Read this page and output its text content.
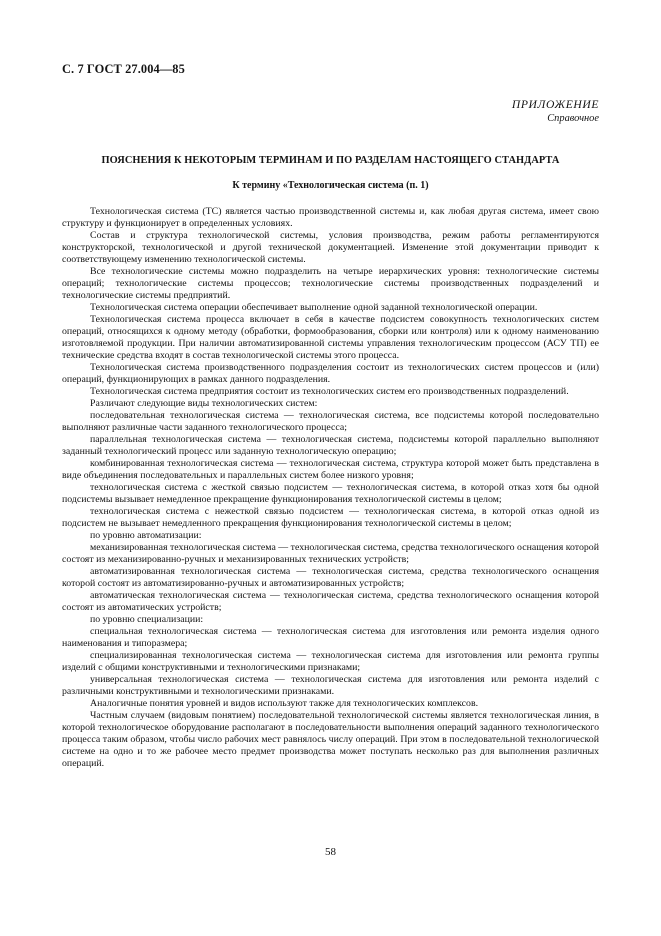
С. 7 ГОСТ 27.004—85
ПРИЛОЖЕНИЕ
Справочное
ПОЯСНЕНИЯ К НЕКОТОРЫМ ТЕРМИНАМ И ПО РАЗДЕЛАМ НАСТОЯЩЕГО СТАНДАРТА
К термину «Технологическая система (п. 1)

Технологическая система (ТС) является частью производственной системы и, как любая другая система, имеет свою структуру и функционирует в определенных условиях.

Состав и структура технологической системы, условия производства, режим работы регламентируются конструкторской, технологической и другой технической документацией. Изменение этой документации приводит к соответствующему изменению технологической системы.

Все технологические системы можно подразделить на четыре иерархических уровня: технологические системы операций; технологические системы процессов; технологические системы производственных подразделений и технологические системы предприятий.

Технологическая система операции обеспечивает выполнение одной заданной технологической операции.

Технологическая система процесса включает в себя в качестве подсистем совокупность технологических систем операций, относящихся к одному методу (обработки, формообразования, сборки или контроля) или к одному наименованию изготовляемой продукции. При наличии автоматизированной системы управления технологическим процессом (АСУ ТП) ее технические средства входят в состав технологической системы этого процесса.

Технологическая система производственного подразделения состоит из технологических систем процессов и (или) операций, функционирующих в рамках данного подразделения.

Технологическая система предприятия состоит из технологических систем его производственных подразделений.

Различают следующие виды технологических систем:

последовательная технологическая система — технологическая система, все подсистемы которой последовательно выполняют различные части заданного технологического процесса;

параллельная технологическая система — технологическая система, подсистемы которой параллельно выполняют заданный технологический процесс или заданную технологическую операцию;

комбинированная технологическая система — технологическая система, структура которой может быть представлена в виде объединения последовательных и параллельных систем более низкого уровня;

технологическая система с жесткой связью подсистем — технологическая система, в которой отказ хотя бы одной подсистемы вызывает немедленное прекращение функционирования технологической системы в целом;

технологическая система с нежесткой связью подсистем — технологическая система, в которой отказ одной из подсистем не вызывает немедленного прекращения функционирования технологической системы в целом;

по уровню автоматизации:

механизированная технологическая система — технологическая система, средства технологического оснащения которой состоят из механизированно-ручных и механизированных технических устройств;

автоматизированная технологическая система — технологическая система, средства технологического оснащения которой состоят из автоматизированно-ручных и автоматизированных устройств;

автоматическая технологическая система — технологическая система, средства технологического оснащения которой состоят из автоматических устройств;

по уровню специализации:

специальная технологическая система — технологическая система для изготовления или ремонта изделия одного наименования и типоразмера;

специализированная технологическая система — технологическая система для изготовления или ремонта группы изделий с общими конструктивными и технологическими признаками;

универсальная технологическая система — технологическая система для изготовления или ремонта изделий с различными конструктивными и технологическими признаками.

Аналогичные понятия уровней и видов используют также для технологических комплексов.

Частным случаем (видовым понятием) последовательной технологической системы является технологическая линия, в которой технологическое оборудование располагают в последовательности выполнения операций заданного технологического процесса таким образом, чтобы число рабочих мест равнялось числу операций. При этом в последовательной технологической системе на одно и то же рабочее место предмет производства может поступать несколько раз для выполнения различных операций.

58
